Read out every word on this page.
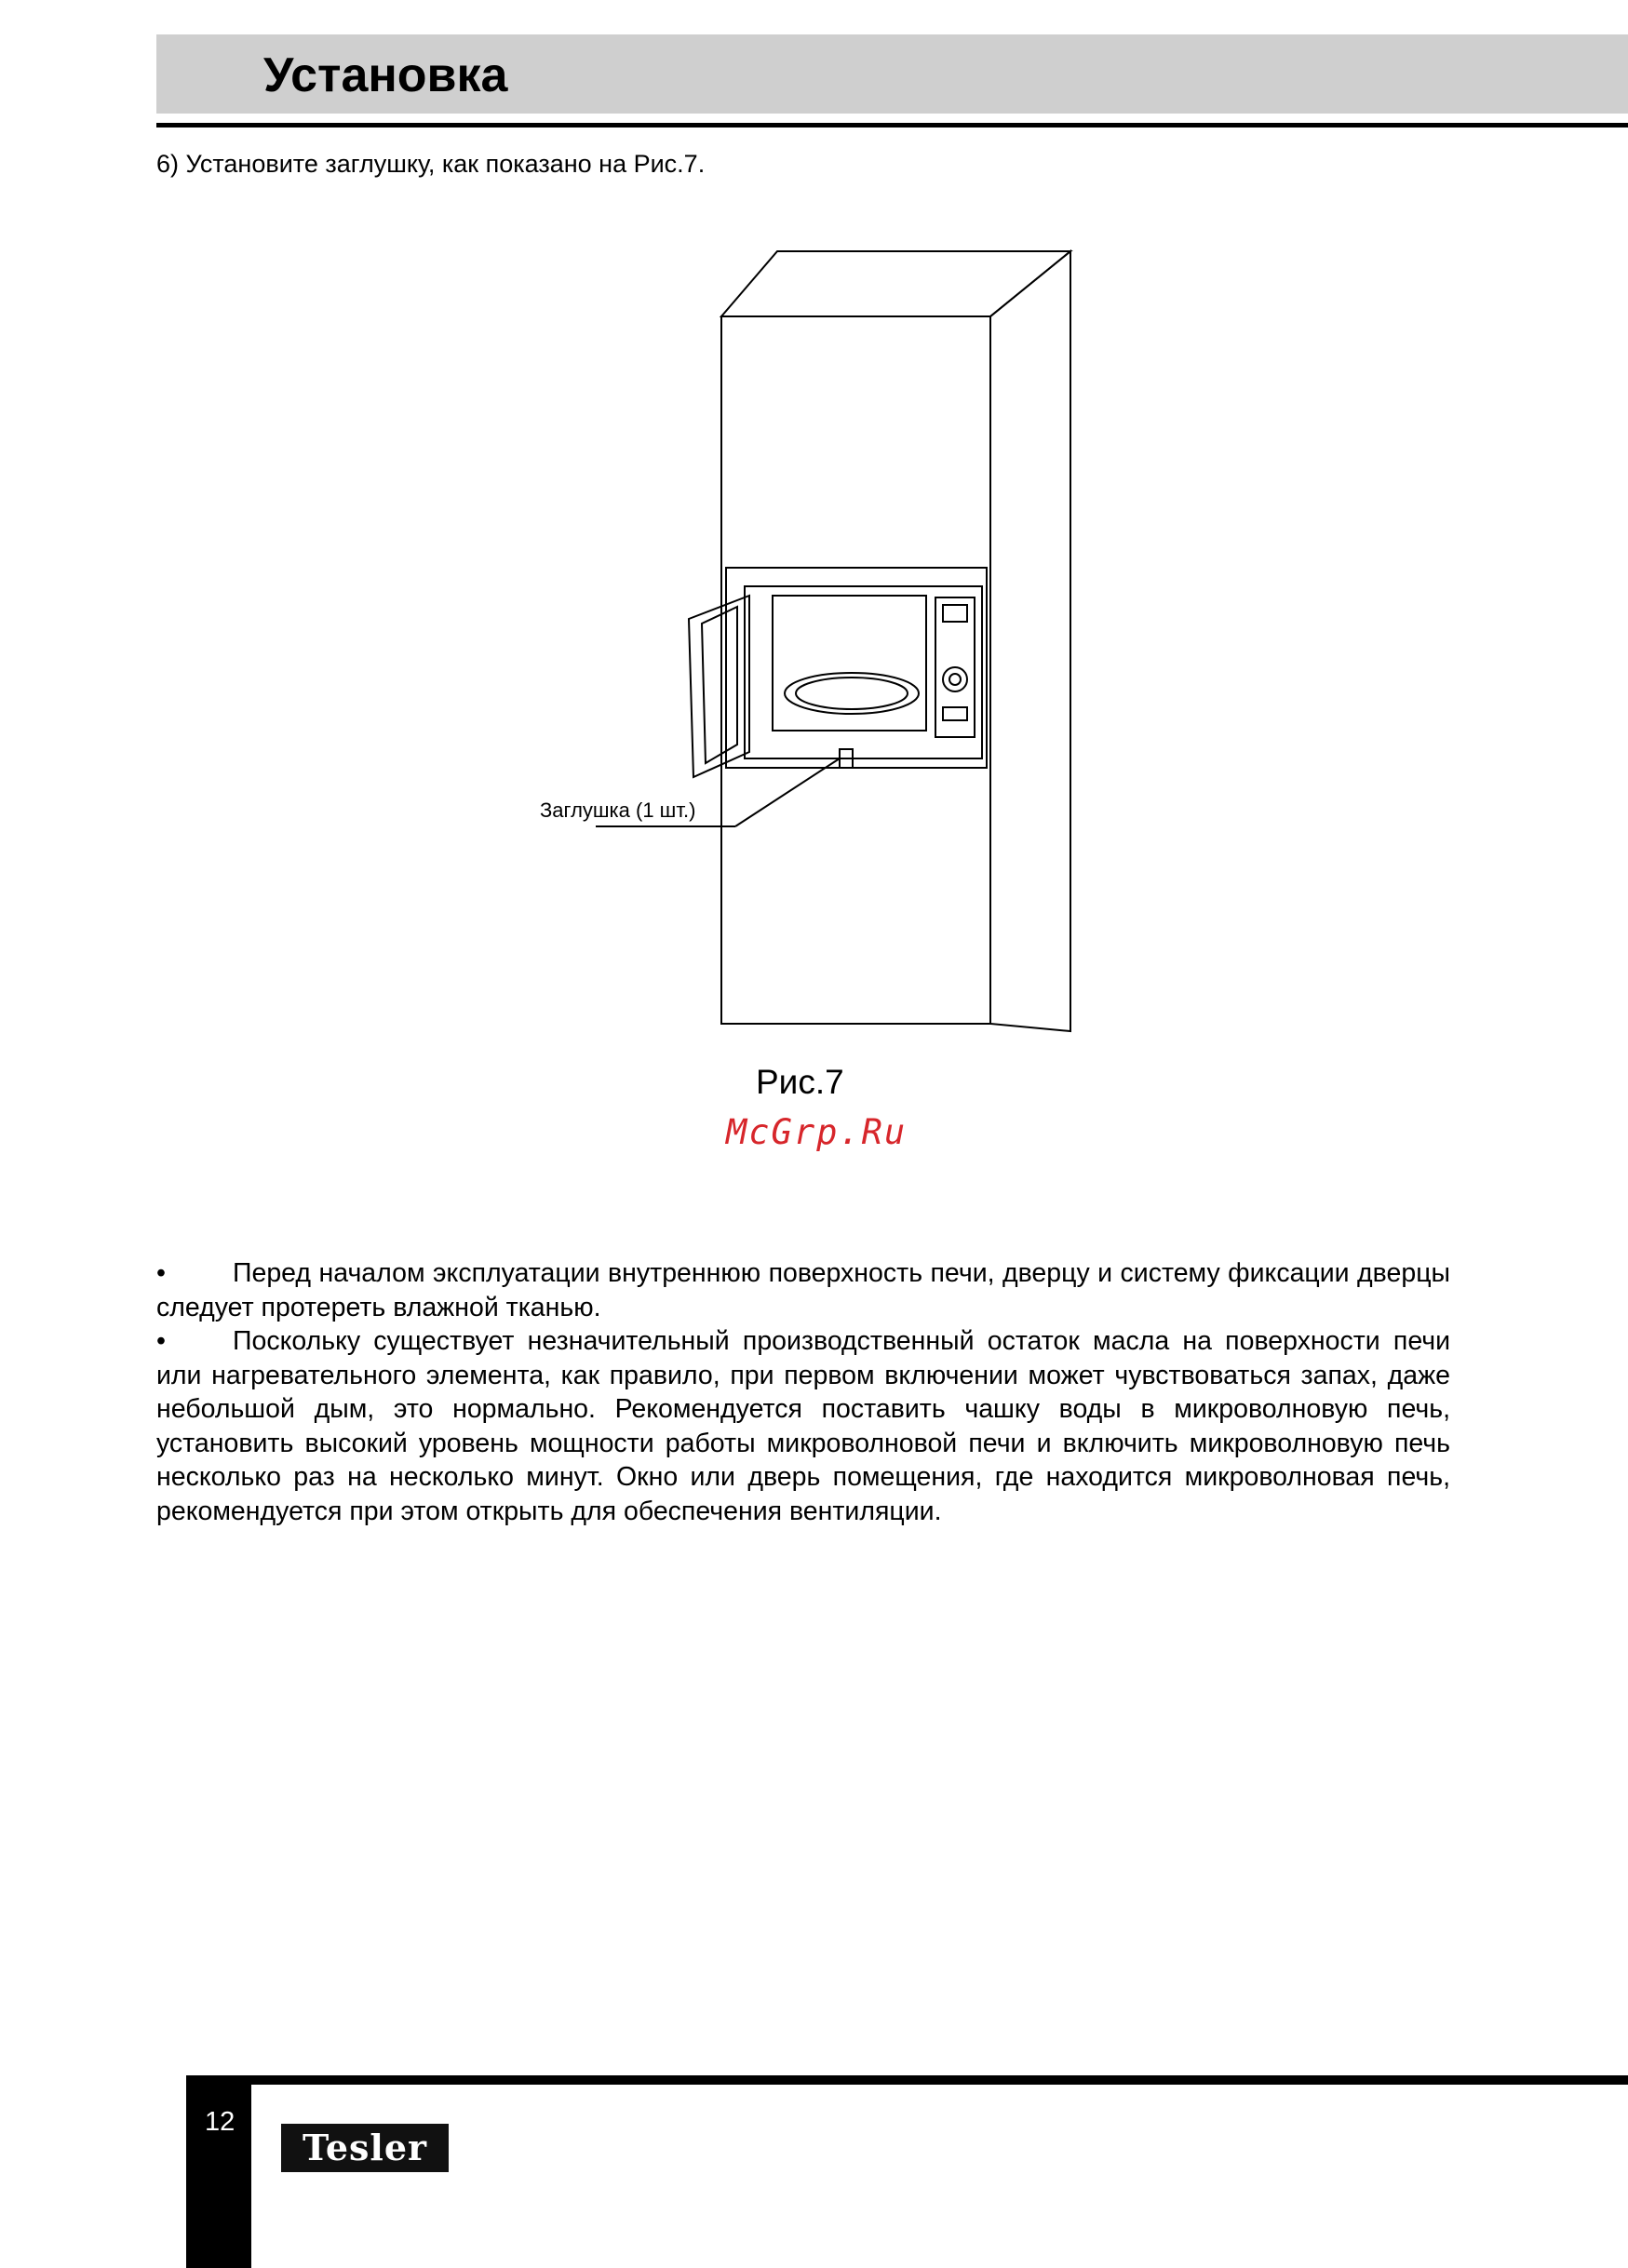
Установка
6) Установите заглушку, как показано на Рис.7.
Заглушка (1 шт.)
Рис.7
McGrp.Ru

•	Перед началом эксплуатации внутреннюю поверхность печи, дверцу и систему фиксации дверцы следует протереть влажной тканью.

•	Поскольку существует незначительный производственный остаток масла на поверхности печи или нагревательного элемента, как правило, при первом включении может чувствоваться запах, даже небольшой дым, это нормально. Рекомендуется поставить чашку воды в микроволновую печь, установить высокий уровень мощности работы микроволновой печи и включить микроволновую печь несколько раз на несколько минут. Окно или дверь помещения, где находится микроволновая печь, рекомендуется при этом открыть для обеспечения вентиляции.

12
Tesler
